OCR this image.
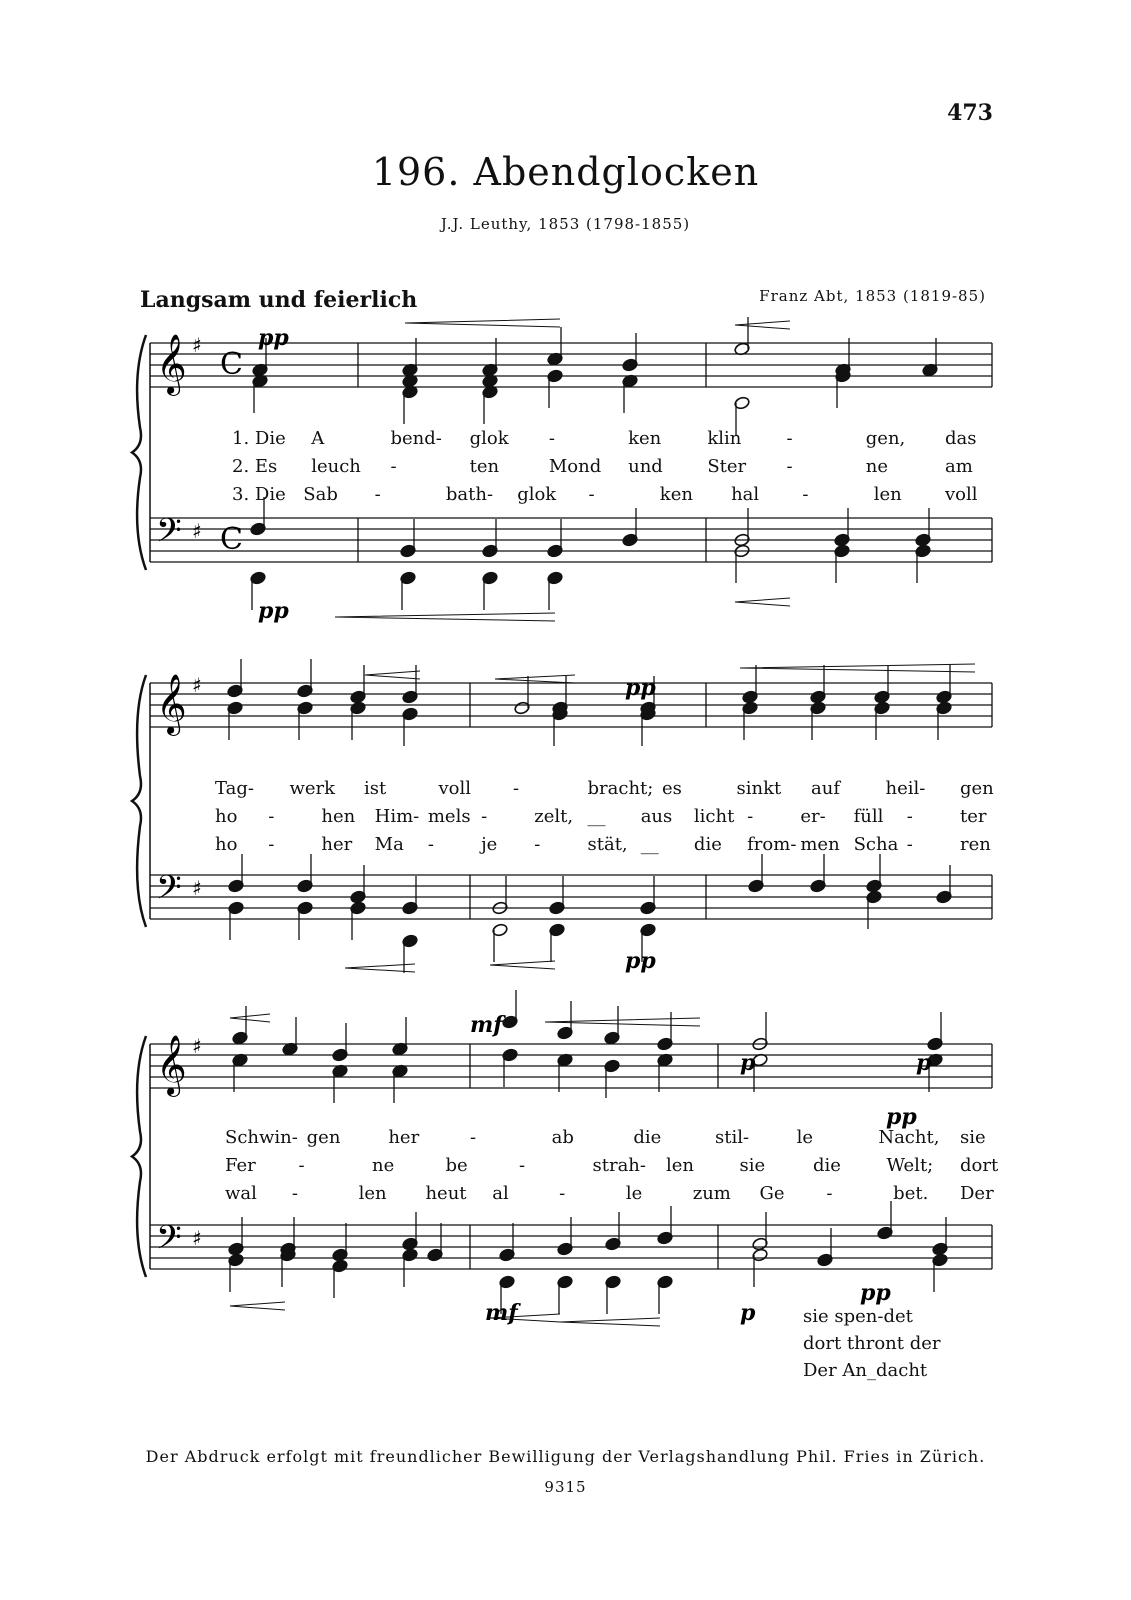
473
196. Abendglocken
J.J. Leuthy, 1853 (1798-1855)
Langsam und feierlich	Franz Abt, 1853 (1819-85)
𝄞
𝄢
♯
♯
C
C
𝄞
𝄢
♯
♯
𝄞
𝄢
♯
♯
pp
pp
pp
pp
mf
mf
p
p
p
pp
pp
1. Die A	bend- glok -	ken	klin	-	gen, das
2. Es leuch -	ten	Mond und Ster -	ne	am
3. Die Sab -	bath- glok -	ken hal -	len voll
Tag- werk ist	voll -	bracht; es	sinkt auf	heil- gen
ho -	hen Him- mels -	zelt, __ aus licht -	er- füll -	ter
ho -	her Ma -	je -	stät, __ die from- men Scha -	ren
Schwin- gen	her	-	ab	die	stil-	le	Nacht, sie
Fer -	ne	be	-	strah- len	sie	die	Welt; dort
wal -	len heut al	-	le	zum Ge -	bet. Der
sie spen-det
dort thront der
Der An_dacht
Der Abdruck erfolgt mit freundlicher Bewilligung der Verlagshandlung Phil. Fries in Zürich.
9315
